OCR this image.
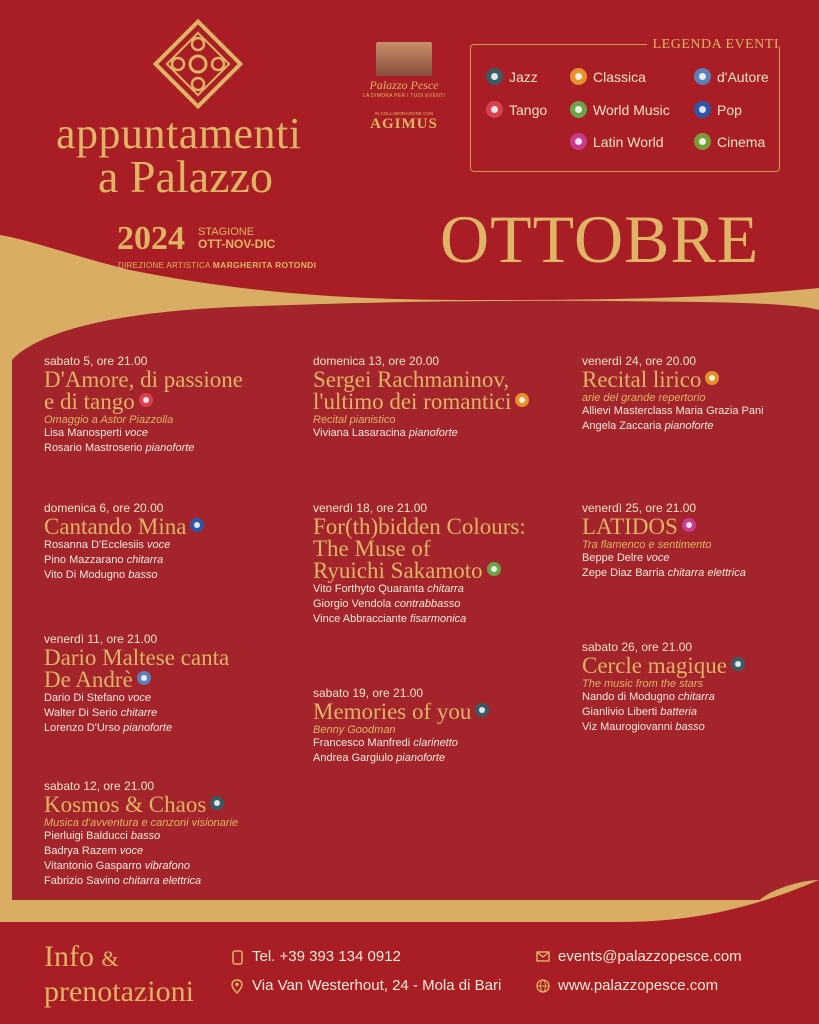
appuntamenti
a Palazzo
2024 STAGIONE
OTT-NOV-DIC
DIREZIONE ARTISTICA MARGHERITA ROTONDI
Palazzo Pesce
LA DIMORA PER I TUOI EVENTI
IN COLLABORAZIONE CON
AGIMUS
LEGENDA EVENTI
OTTOBRE
sabato 5, ore 21.00
D'Amore, di passione
e di tango
Omaggio a Astor Piazzolla
Lisa Manosperti voce
Rosario Mastroserio pianoforte
domenica 6, ore 20.00
Cantando Mina
Rosanna D'Ecclesiis voce
Pino Mazzarano chitarra
Vito Di Modugno basso
venerdì 11, ore 21.00
Dario Maltese canta
De Andrè
Dario Di Stefano voce
Walter Di Serio chitarre
Lorenzo D'Urso pianoforte
sabato 12, ore 21.00
Kosmos & Chaos
Musica d'avventura e canzoni visionarie
Pierluigi Balducci basso
Badrya Razem voce
Vitantonio Gasparro vibrafono
Fabrizio Savino chitarra elettrica
domenica 13, ore 20.00
Sergei Rachmaninov,
l'ultimo dei romantici
Recital pianistico
Viviana Lasaracina pianoforte
venerdì 18, ore 21.00
For(th)bidden Colours:
The Muse of
Ryuichi Sakamoto
Vito Forthyto Quaranta chitarra
Giorgio Vendola contrabbasso
Vince Abbracciante fisarmonica
sabato 19, ore 21.00
Memories of you
Benny Goodman
Francesco Manfredi clarinetto
Andrea Gargiulo pianoforte
venerdì 24, ore 20.00
Recital lirico
arie del grande repertorio
Allievi Masterclass Maria Grazia Pani
Angela Zaccaria pianoforte
venerdì 25, ore 21.00
LATIDOS
Tra flamenco e sentimento
Beppe Delre voce
Zepe Diaz Barria chitarra elettrica
sabato 26, ore 21.00
Cercle magique
The music from the stars
Nando di Modugno chitarra
Gianlivio Liberti batteria
Viz Maurogiovanni basso
Info &
prenotazioni
Tel. +39 393 134 0912
Via Van Westerhout, 24 - Mola di Bari
events@palazzopesce.com
www.palazzopesce.com
Jazz	Classica	d'Autore
Tango	World Music	Pop
Latin World	Cinema
